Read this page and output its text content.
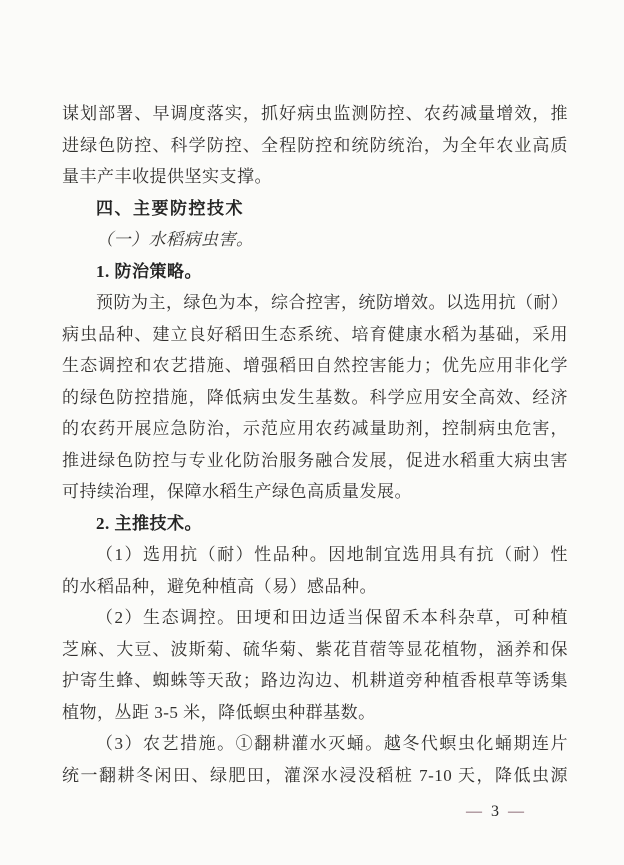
谋划部署、早调度落实，抓好病虫监测防控、农药减量增效，推
进绿色防控、科学防控、全程防控和统防统治，为全年农业高质
量丰产丰收提供坚实支撑。
四、主要防控技术
（一）水稻病虫害。
1. 防治策略。
预防为主，绿色为本，综合控害，统防增效。以选用抗（耐）
病虫品种、建立良好稻田生态系统、培育健康水稻为基础，采用
生态调控和农艺措施、增强稻田自然控害能力；优先应用非化学
的绿色防控措施，降低病虫发生基数。科学应用安全高效、经济
的农药开展应急防治，示范应用农药减量助剂，控制病虫危害，
推进绿色防控与专业化防治服务融合发展，促进水稻重大病虫害
可持续治理，保障水稻生产绿色高质量发展。
2. 主推技术。
（1）选用抗（耐）性品种。因地制宜选用具有抗（耐）性
的水稻品种，避免种植高（易）感品种。
（2）生态调控。田埂和田边适当保留禾本科杂草，可种植
芝麻、大豆、波斯菊、硫华菊、紫花苜蓿等显花植物，涵养和保
护寄生蜂、蜘蛛等天敌；路边沟边、机耕道旁种植香根草等诱集
植物，丛距 3-5 米，降低螟虫种群基数。
（3）农艺措施。①翻耕灌水灭蛹。越冬代螟虫化蛹期连片
统一翻耕冬闲田、绿肥田，灌深水浸没稻桩 7-10 天，降低虫源
— 3 —
